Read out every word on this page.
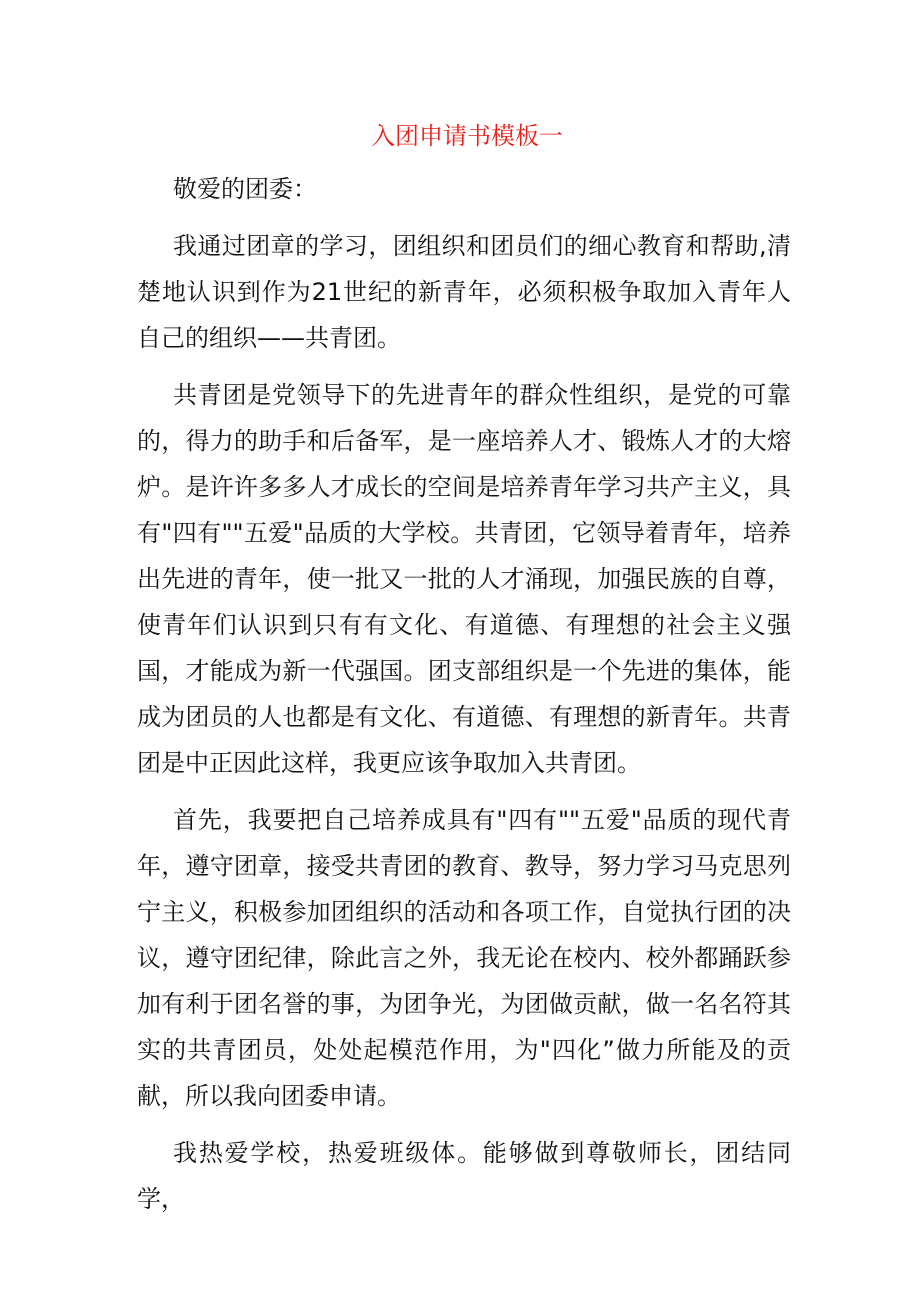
入团申请书模板一

敬爱的团委：

我通过团章的学习，团组织和团员们的细心教育和帮助,清楚地认识到作为21世纪的新青年，必须积极争取加入青年人自己的组织——共青团。

共青团是党领导下的先进青年的群众性组织，是党的可靠的，得力的助手和后备军，是一座培养人才、锻炼人才的大熔炉。是许许多多人才成长的空间是培养青年学习共产主义，具有"四有""五爱"品质的大学校。共青团，它领导着青年，培养出先进的青年，使一批又一批的人才涌现，加强民族的自尊，使青年们认识到只有有文化、有道德、有理想的社会主义强国，才能成为新一代强国。团支部组织是一个先进的集体，能成为团员的人也都是有文化、有道德、有理想的新青年。共青团是中正因此这样，我更应该争取加入共青团。

首先，我要把自己培养成具有"四有""五爱"品质的现代青年，遵守团章，接受共青团的教育、教导，努力学习马克思列宁主义，积极参加团组织的活动和各项工作，自觉执行团的决议，遵守团纪律，除此言之外，我无论在校内、校外都踊跃参加有利于团名誉的事，为团争光，为团做贡献，做一名名符其实的共青团员，处处起模范作用，为"四化”做力所能及的贡献，所以我向团委申请。

我热爱学校，热爱班级体。能够做到尊敬师长，团结同学，
